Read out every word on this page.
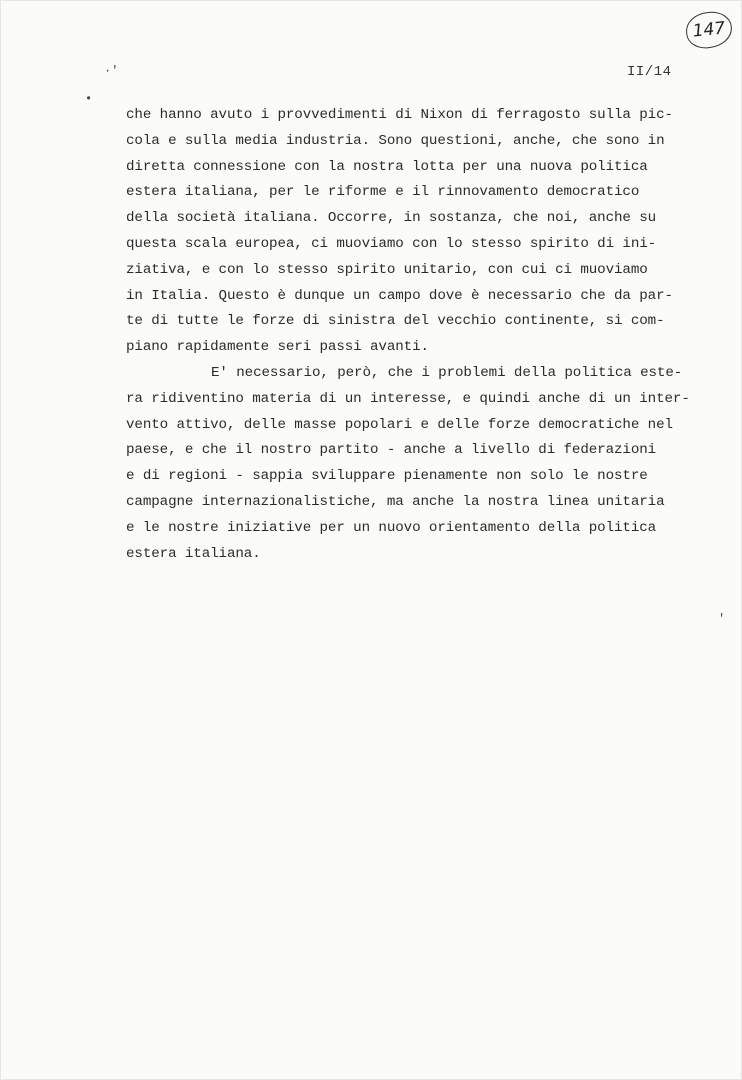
147
II/14
·'
•
'
che hanno avuto i provvedimenti di Nixon di ferragosto sulla pic-
cola e sulla media industria. Sono questioni, anche, che sono in
diretta connessione con la nostra lotta per una nuova politica
estera italiana, per le riforme e il rinnovamento democratico
della società italiana. Occorre, in sostanza, che noi, anche su
questa scala europea, ci muoviamo con lo stesso spirito di ini-
ziativa, e con lo stesso spirito unitario, con cui ci muoviamo
in Italia. Questo è dunque un campo dove è necessario che da par-
te di tutte le forze di sinistra del vecchio continente, si com-
piano rapidamente seri passi avanti.
E' necessario, però, che i problemi della politica este-
ra ridiventino materia di un interesse, e quindi anche di un inter-
vento attivo, delle masse popolari e delle forze democratiche nel
paese, e che il nostro partito - anche a livello di federazioni
e di regioni - sappia sviluppare pienamente non solo le nostre
campagne internazionalistiche, ma anche la nostra linea unitaria
e le nostre iniziative per un nuovo orientamento della politica
estera italiana.
